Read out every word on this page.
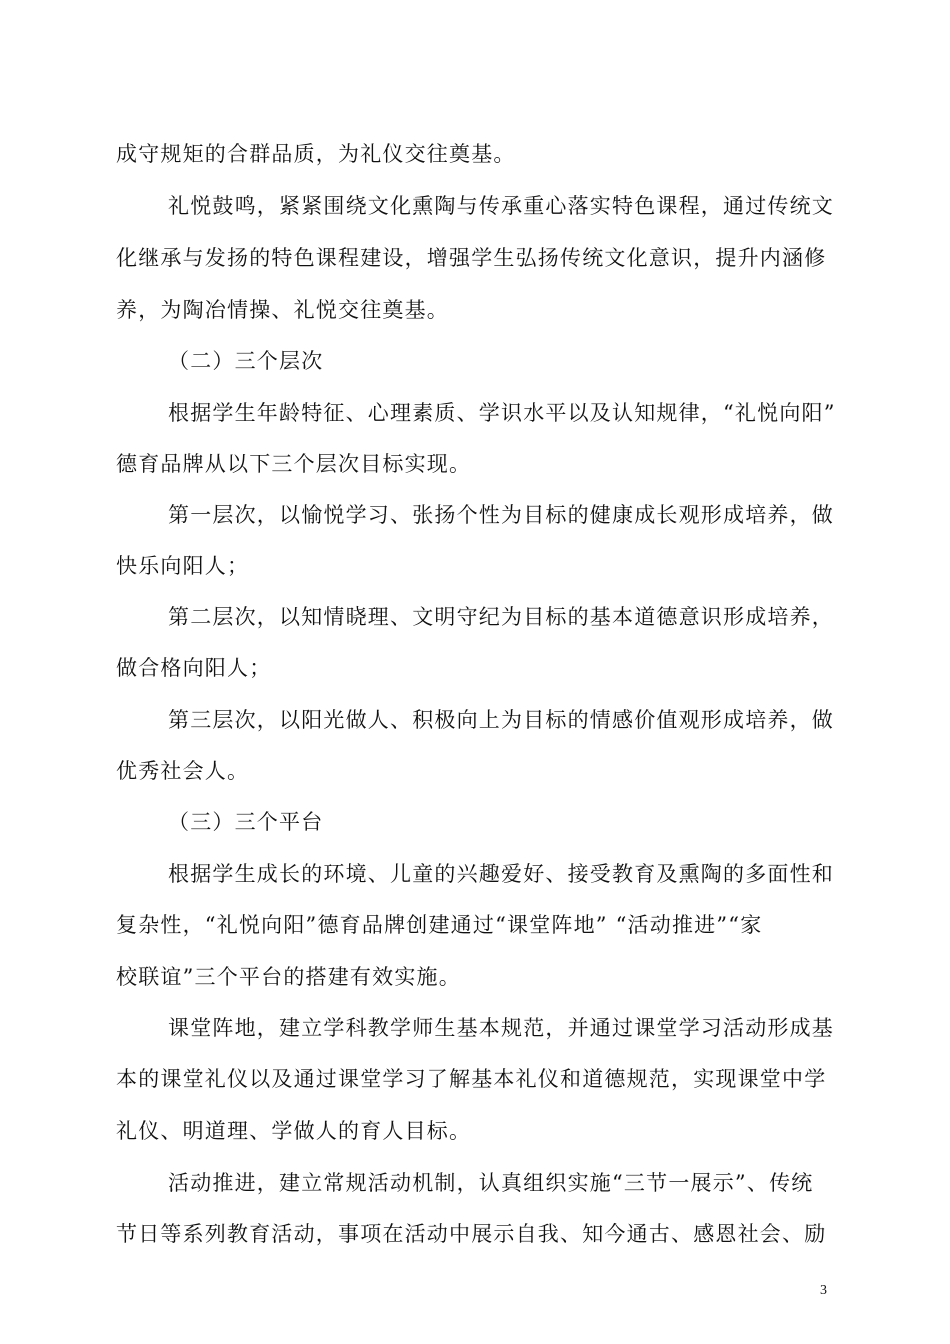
成守规矩的合群品质，为礼仪交往奠基。

礼悦鼓鸣，紧紧围绕文化熏陶与传承重心落实特色课程，通过传统文

化继承与发扬的特色课程建设，增强学生弘扬传统文化意识，提升内涵修

养，为陶冶情操、礼悦交往奠基。

（二）三个层次

根据学生年龄特征、心理素质、学识水平以及认知规律，“礼悦向阳”

德育品牌从以下三个层次目标实现。

第一层次，以愉悦学习、张扬个性为目标的健康成长观形成培养，做

快乐向阳人；

第二层次，以知情晓理、文明守纪为目标的基本道德意识形成培养，

做合格向阳人；

第三层次，以阳光做人、积极向上为目标的情感价值观形成培养，做

优秀社会人。

（三）三个平台

根据学生成长的环境、儿童的兴趣爱好、接受教育及熏陶的多面性和

复杂性，“礼悦向阳”德育品牌创建通过“课堂阵地” “活动推进”“家

校联谊”三个平台的搭建有效实施。

课堂阵地，建立学科教学师生基本规范，并通过课堂学习活动形成基

本的课堂礼仪以及通过课堂学习了解基本礼仪和道德规范，实现课堂中学

礼仪、明道理、学做人的育人目标。

活动推进，建立常规活动机制，认真组织实施“三节一展示”、传统

节日等系列教育活动，事项在活动中展示自我、知今通古、感恩社会、励

3
